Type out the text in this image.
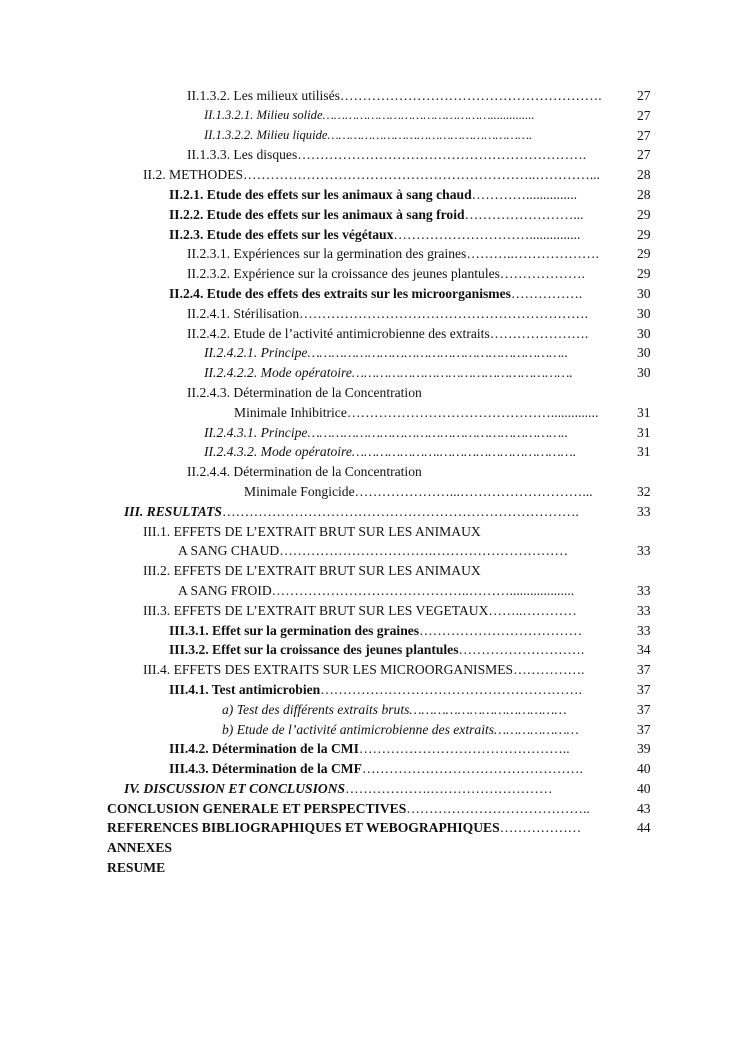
II.1.3.2. Les milieux utilisés………………………………………………….	27
II.1.3.2.1. Milieu solide………………………………………..............	27
II.1.3.2.2. Milieu liquide……………………………………………….	27
II.1.3.3. Les disques……………………………………………………….	27
II.2. METHODES………………………………………………………..…………...	28
II.2.1. Etude des effets sur les animaux à sang chaud…………...............	28
II.2.2. Etude des effets sur les animaux à sang froid……………………...	29
II.2.3. Etude des effets sur les végétaux…………………………...............	29
II.2.3.1. Expériences sur la germination des graines………..……………….	29
II.2.3.2. Expérience sur la croissance des jeunes plantules……………….	29
II.2.4. Etude des effets des extraits sur les microorganismes…………….	30
II.2.4.1. Stérilisation……………………………………………………….	30
II.2.4.2. Etude de l’activité antimicrobienne des extraits………………….	30
II.2.4.2.1. Principe………………………………………………………..	30
II.2.4.2.2. Mode opératoire……………………………………………….	30
II.2.4.3. Détermination de la Concentration
Minimale Inhibitrice………………………………………..............	31
II.2.4.3.1. Principe………………………………………………………..	31
II.2.4.3.2. Mode opératoire………………….…………………………….	31
II.2.4.4. Détermination de la Concentration
Minimale Fongicide…………………...………………………...	32
III. RESULTATS…………………………………………………………………….	33
III.1. EFFETS DE L’EXTRAIT BRUT SUR LES ANIMAUX
A SANG CHAUD…………………………….…………………………	33
III.2. EFFETS DE L’EXTRAIT BRUT SUR LES ANIMAUX
A SANG FROID……………………………………..………...................	33
III.3. EFFETS DE L’EXTRAIT BRUT SUR LES VEGETAUX……..…………	33
III.3.1. Effet sur la germination des graines………………………………	33
III.3.2. Effet sur la croissance des jeunes plantules……………………….	34
III.4. EFFETS DES EXTRAITS SUR LES MICROORGANISMES…………….	37
III.4.1. Test antimicrobien………………………………………………….	37
a) Test des différents extraits bruts…………………………………	37
b) Etude de l’activité antimicrobienne des extraits…………………	37
III.4.2. Détermination de la CMI………………………………………..	39
III.4.3. Détermination de la CMF………………………………………….	40
IV. DISCUSSION ET CONCLUSIONS……………….………………………	40
CONCLUSION GENERALE ET PERSPECTIVES…………………………………..	43
REFERENCES BIBLIOGRAPHIQUES ET WEBOGRAPHIQUES………………	44
ANNEXES
RESUME
